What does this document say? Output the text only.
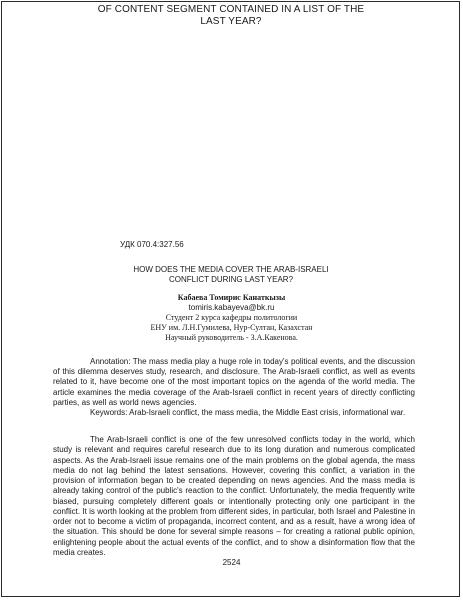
OF CONTENT SEGMENT CONTAINED IN A LIST OF THE LAST YEAR?
УДК 070.4:327.56
HOW DOES THE MEDIA COVER THE ARAB-ISRAELI CONFLICT DURING LAST YEAR?
Кабаева Томирис Канаткызы
tomiris.kabayeva@bk.ru
Студент 2 курса кафедры политологии
ЕНУ им. Л.Н.Гумилева, Нур-Султан, Казахстан
Научный руководитель - З.А.Какенова.
Annotation: The mass media play a huge role in today's political events, and the discussion of this dilemma deserves study, research, and disclosure. The Arab-Israeli conflict, as well as events related to it, have become one of the most important topics on the agenda of the world media. The article examines the media coverage of the Arab-Israeli conflict in recent years of directly conflicting parties, as well as world news agencies.
Keywords: Arab-Israeli conflict, the mass media, the Middle East crisis, informational war.
The Arab-Israeli conflict is one of the few unresolved conflicts today in the world, which study is relevant and requires careful research due to its long duration and numerous complicated aspects. As the Arab-Israeli issue remains one of the main problems on the global agenda, the mass media do not lag behind the latest sensations. However, covering this conflict, a variation in the provision of information began to be created depending on news agencies. And the mass media is already taking control of the public's reaction to the conflict. Unfortunately, the media frequently write biased, pursuing completely different goals or intentionally protecting only one participant in the conflict. It is worth looking at the problem from different sides, in particular, both Israel and Palestine in order not to become a victim of propaganda, incorrect content, and as a result, have a wrong idea of the situation. This should be done for several simple reasons – for creating a rational public opinion, enlightening people about the actual events of the conflict, and to show a disinformation flow that the media creates.
2524
